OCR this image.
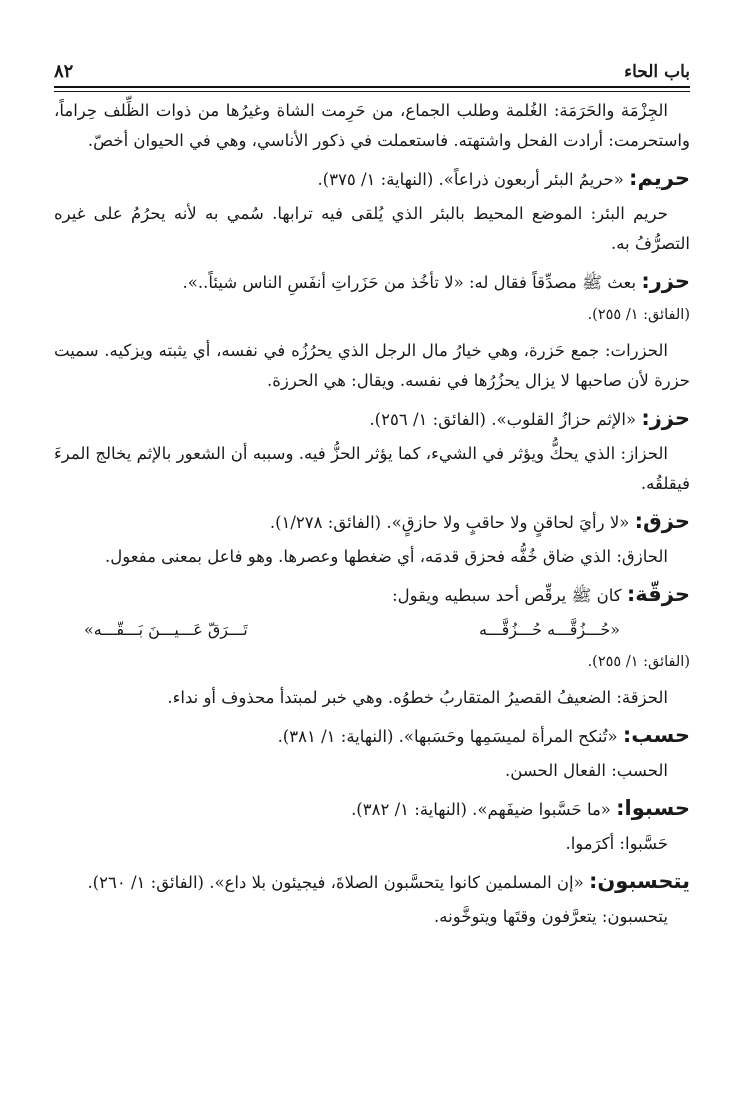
باب الحاء
٨٢

الجِزْمَة والحَرَمَة: الغُلمة وطلب الجماع، من حَرِمت الشاة وغيرُها من ذوات الظِّلف حِراماً، واستحرمت: أرادت الفحل واشتهته. فاستعملت في ذكور الأناسي، وهي في الحيوان أخصّ.

حريم: «حريمُ البئر أربعون ذراعاً». (النهاية: ١/ ٣٧٥).

حريم البئر: الموضع المحيط بالبئر الذي يُلقى فيه ترابها. سُمي به لأنه يحرُمُ على غيره التصرُّفُ به.

حزر: بعث ﷺ مصدِّقاً فقال له: «لا تأخُذ من حَزَراتِ أنفَسِ الناس شيئاً..».

(الفائق: ١/ ٢٥٥).

الحزرات: جمع حَزرة، وهي خيارُ مال الرجل الذي يحرُزُه في نفسه، أي يثبته ويزكيه. سميت حزرة لأن صاحبها لا يزال يحزُرُها في نفسه. ويقال: هي الحرزة.

حزز: «الإثم حزازُ القلوب». (الفائق: ١/ ٢٥٦).

الحزاز: الذي يحكُّ ويؤثر في الشيء، كما يؤثر الحزُّ فيه. وسببه أن الشعور بالإثم يخالج المرءَ فيقلقُه.

حزق: «لا رأيَ لحاقنٍ ولا حاقبٍ ولا حازقٍ». (الفائق: ١/٢٧٨).

الحازق: الذي ضاق خُفُّه فحزق قدمَه، أي ضغطها وعصرها. وهو فاعل بمعنى مفعول.

حزقّة: كان ﷺ يرقِّص أحد سبطيه ويقول:

«حُـــزُقَّـــه حُـــزُقَّـــه
تَـــرَقّ عَـــيـــنَ بَـــقّـــه»

(الفائق: ١/ ٢٥٥).

الحزقة: الضعيفُ القصيرُ المتقاربُ خطوُه. وهي خبر لمبتدأ محذوف أو نداء.

حسب: «تُنكح المرأة لميسَمِها وحَسَبها». (النهاية: ١/ ٣٨١).

الحسب: الفعال الحسن.

حسبوا: «ما حَسَّبوا ضيفَهم». (النهاية: ١/ ٣٨٢).

حَسَّبوا: أكرَموا.

يتحسبون: «إن المسلمين كانوا يتحسَّبون الصلاةَ، فيجيئون بلا داع». (الفائق: ١/ ٢٦٠).

يتحسبون: يتعرَّفون وقتَها ويتوخَّونه.
